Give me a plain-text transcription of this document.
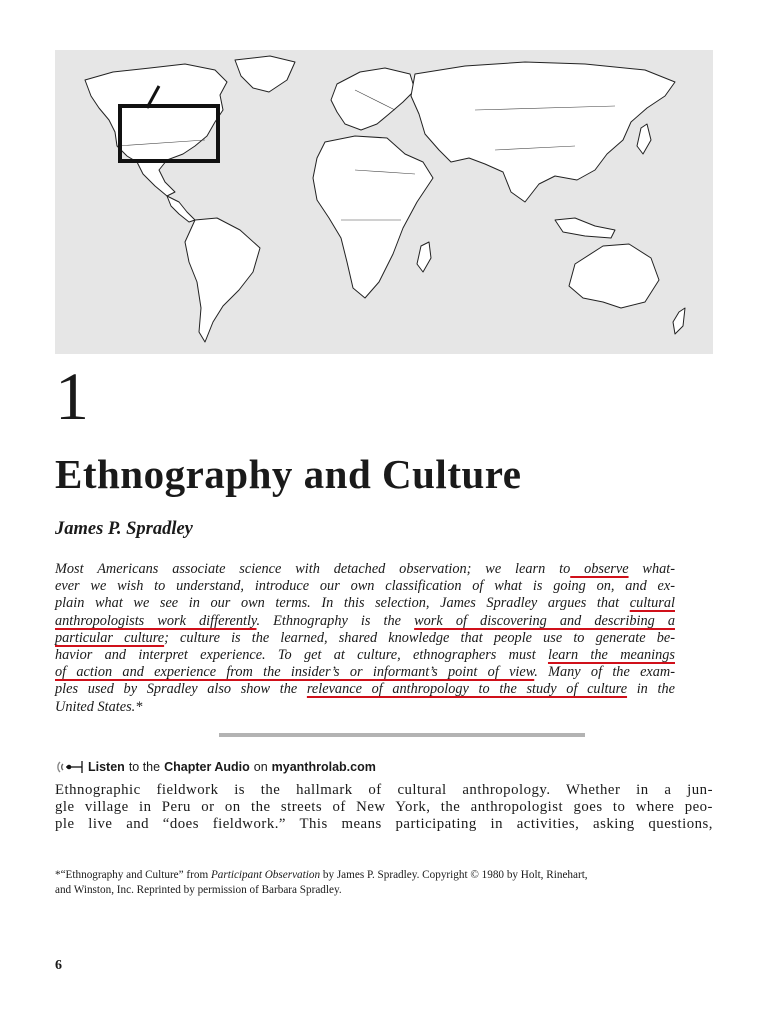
1
Ethnography and Culture
James P. Spradley
Most Americans associate science with detached observation; we learn to observe what-
ever we wish to understand, introduce our own classification of what is going on, and ex-
plain what we see in our own terms. In this selection, James Spradley argues that cultural
anthropologists work differently. Ethnography is the work of discovering and describing a
particular culture; culture is the learned, shared knowledge that people use to generate be-
havior and interpret experience. To get at culture, ethnographers must learn the meanings
of action and experience from the insider’s or informant’s point of view. Many of the exam-
ples used by Spradley also show the relevance of anthropology to the study of culture in the
United States.*
Listen to the Chapter Audio on myanthrolab.com
Ethnographic fieldwork is the hallmark of cultural anthropology. Whether in a jun-
gle village in Peru or on the streets of New York, the anthropologist goes to where peo-
ple live and “does fieldwork.” This means participating in activities, asking questions,
*“Ethnography and Culture” from Participant Observation by James P. Spradley. Copyright © 1980 by Holt, Rinehart,
and Winston, Inc. Reprinted by permission of Barbara Spradley.
6
